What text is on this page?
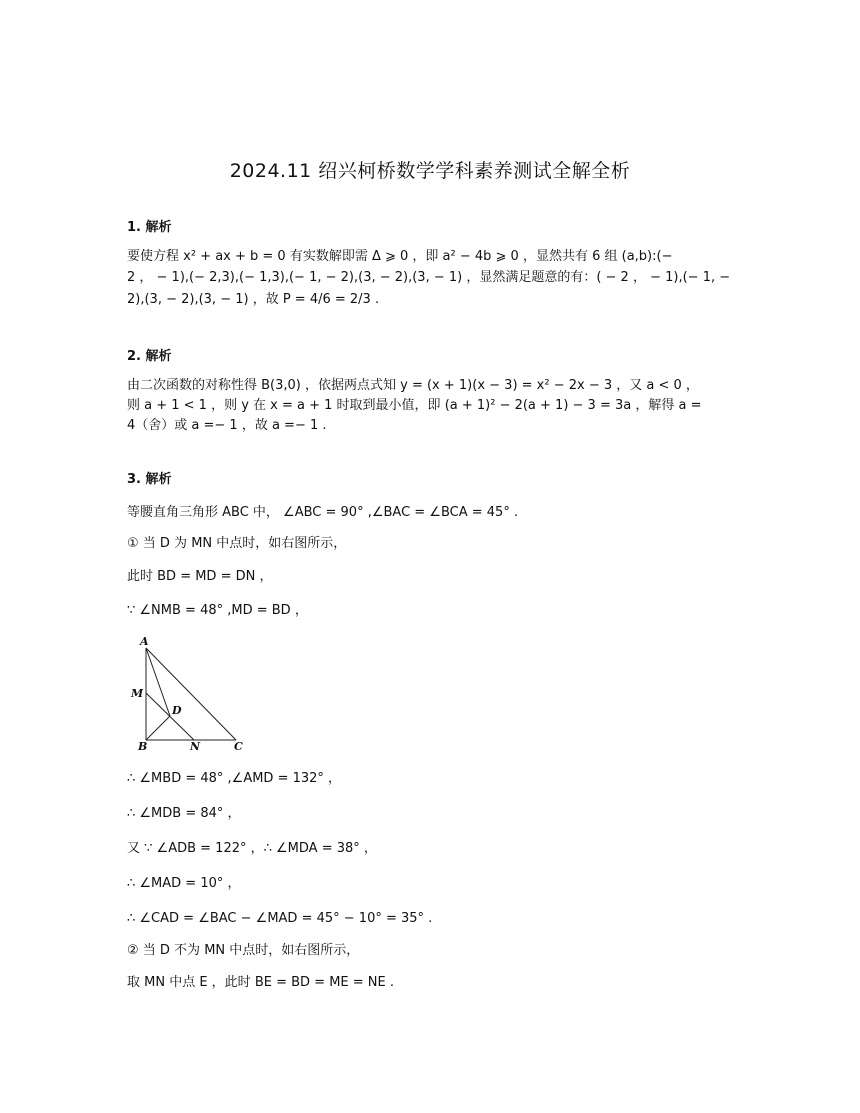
2024.11 绍兴柯桥数学学科素养测试全解全析
1. 解析
要使方程 x² + ax + b = 0 有实数解即需 Δ ⩾ 0 ，即 a² − 4b ⩾ 0 ，显然共有 6 组 (a,b):(−
2 ， − 1),(− 2,3),(− 1,3),(− 1, − 2),(3, − 2),(3, − 1) ，显然满足题意的有：( − 2 ， − 1),(− 1, −
2),(3, − 2),(3, − 1) ，故 P = 4/6 = 2/3 .
2. 解析
由二次函数的对称性得 B(3,0) ，依据两点式知 y = (x + 1)(x − 3) = x² − 2x − 3 ，又 a < 0 ，
则 a + 1 < 1 ，则 y 在 x = a + 1 时取到最小值，即 (a + 1)² − 2(a + 1) − 3 = 3a ，解得 a =
4（舍）或 a =− 1 ，故 a =− 1 .
3. 解析
等腰直角三角形 ABC 中， ∠ABC = 90° ,∠BAC = ∠BCA = 45° .
① 当 D 为 MN 中点时，如右图所示，
此时 BD = MD = DN ，
∵ ∠NMB = 48° ,MD = BD ，
A
M
D
B	N	C
∴ ∠MBD = 48° ,∠AMD = 132° ，
∴ ∠MDB = 84° ，
又 ∵ ∠ADB = 122° ，∴ ∠MDA = 38° ，
∴ ∠MAD = 10° ，
∴ ∠CAD = ∠BAC − ∠MAD = 45° − 10° = 35° .
② 当 D 不为 MN 中点时，如右图所示，
取 MN 中点 E ，此时 BE = BD = ME = NE .
